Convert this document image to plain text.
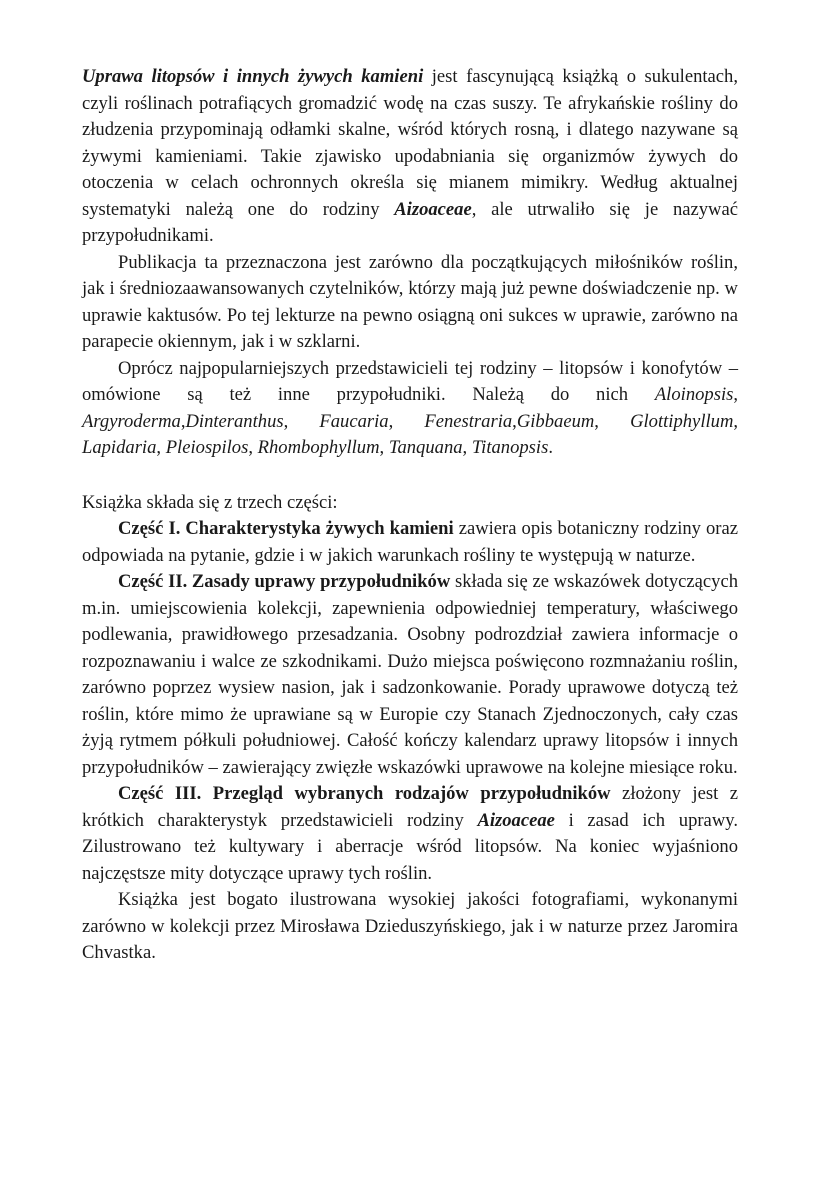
Uprawa litopsów i innych żywych kamieni jest fascynującą książką o sukulentach, czyli roślinach potrafiących gromadzić wodę na czas suszy. Te afrykańskie rośliny do złudzenia przypominają odłamki skalne, wśród których rosną, i dlatego nazywane są żywymi kamieniami. Takie zjawisko upodabniania się organizmów żywych do otoczenia w celach ochronnych określa się mianem mimikry. Według aktualnej systematyki należą one do rodziny Aizoaceae, ale utrwaliło się je nazywać przypołudnikami.

Publikacja ta przeznaczona jest zarówno dla początkujących miłośników roślin, jak i średniozaawansowanych czytelników, którzy mają już pewne doświadczenie np. w uprawie kaktusów. Po tej lekturze na pewno osiągną oni sukces w uprawie, zarówno na parapecie okiennym, jak i w szklarni.

Oprócz najpopularniejszych przedstawicieli tej rodziny – litopsów i konofytów – omówione są też inne przypołudniki. Należą do nich Aloinopsis, Argyroderma,Dinteranthus, Faucaria, Fenestraria,Gibbaeum, Glottiphyllum, Lapidaria, Pleiospilos, Rhombophyllum, Tanquana, Titanopsis.

Książka składa się z trzech części:

Część I. Charakterystyka żywych kamieni zawiera opis botaniczny rodziny oraz odpowiada na pytanie, gdzie i w jakich warunkach rośliny te występują w naturze.

Część II. Zasady uprawy przypołudników składa się ze wskazówek dotyczących m.in. umiejscowienia kolekcji, zapewnienia odpowiedniej temperatury, właściwego podlewania, prawidłowego przesadzania. Osobny podrozdział zawiera informacje o rozpoznawaniu i walce ze szkodnikami. Dużo miejsca poświęcono rozmnażaniu roślin, zarówno poprzez wysiew nasion, jak i sadzonkowanie. Porady uprawowe dotyczą też roślin, które mimo że uprawiane są w Europie czy Stanach Zjednoczonych, cały czas żyją rytmem półkuli południowej. Całość kończy kalendarz uprawy litopsów i innych przypołudników – zawierający zwięzłe wskazówki uprawowe na kolejne miesiące roku.

Część III. Przegląd wybranych rodzajów przypołudników złożony jest z krótkich charakterystyk przedstawicieli rodziny Aizoaceae i zasad ich uprawy. Zilustrowano też kultywary i aberracje wśród litopsów. Na koniec wyjaśniono najczęstsze mity dotyczące uprawy tych roślin.

Książka jest bogato ilustrowana wysokiej jakości fotografiami, wykonanymi zarówno w kolekcji przez Mirosława Dzieduszyńskiego, jak i w naturze przez Jaromira Chvastka.
